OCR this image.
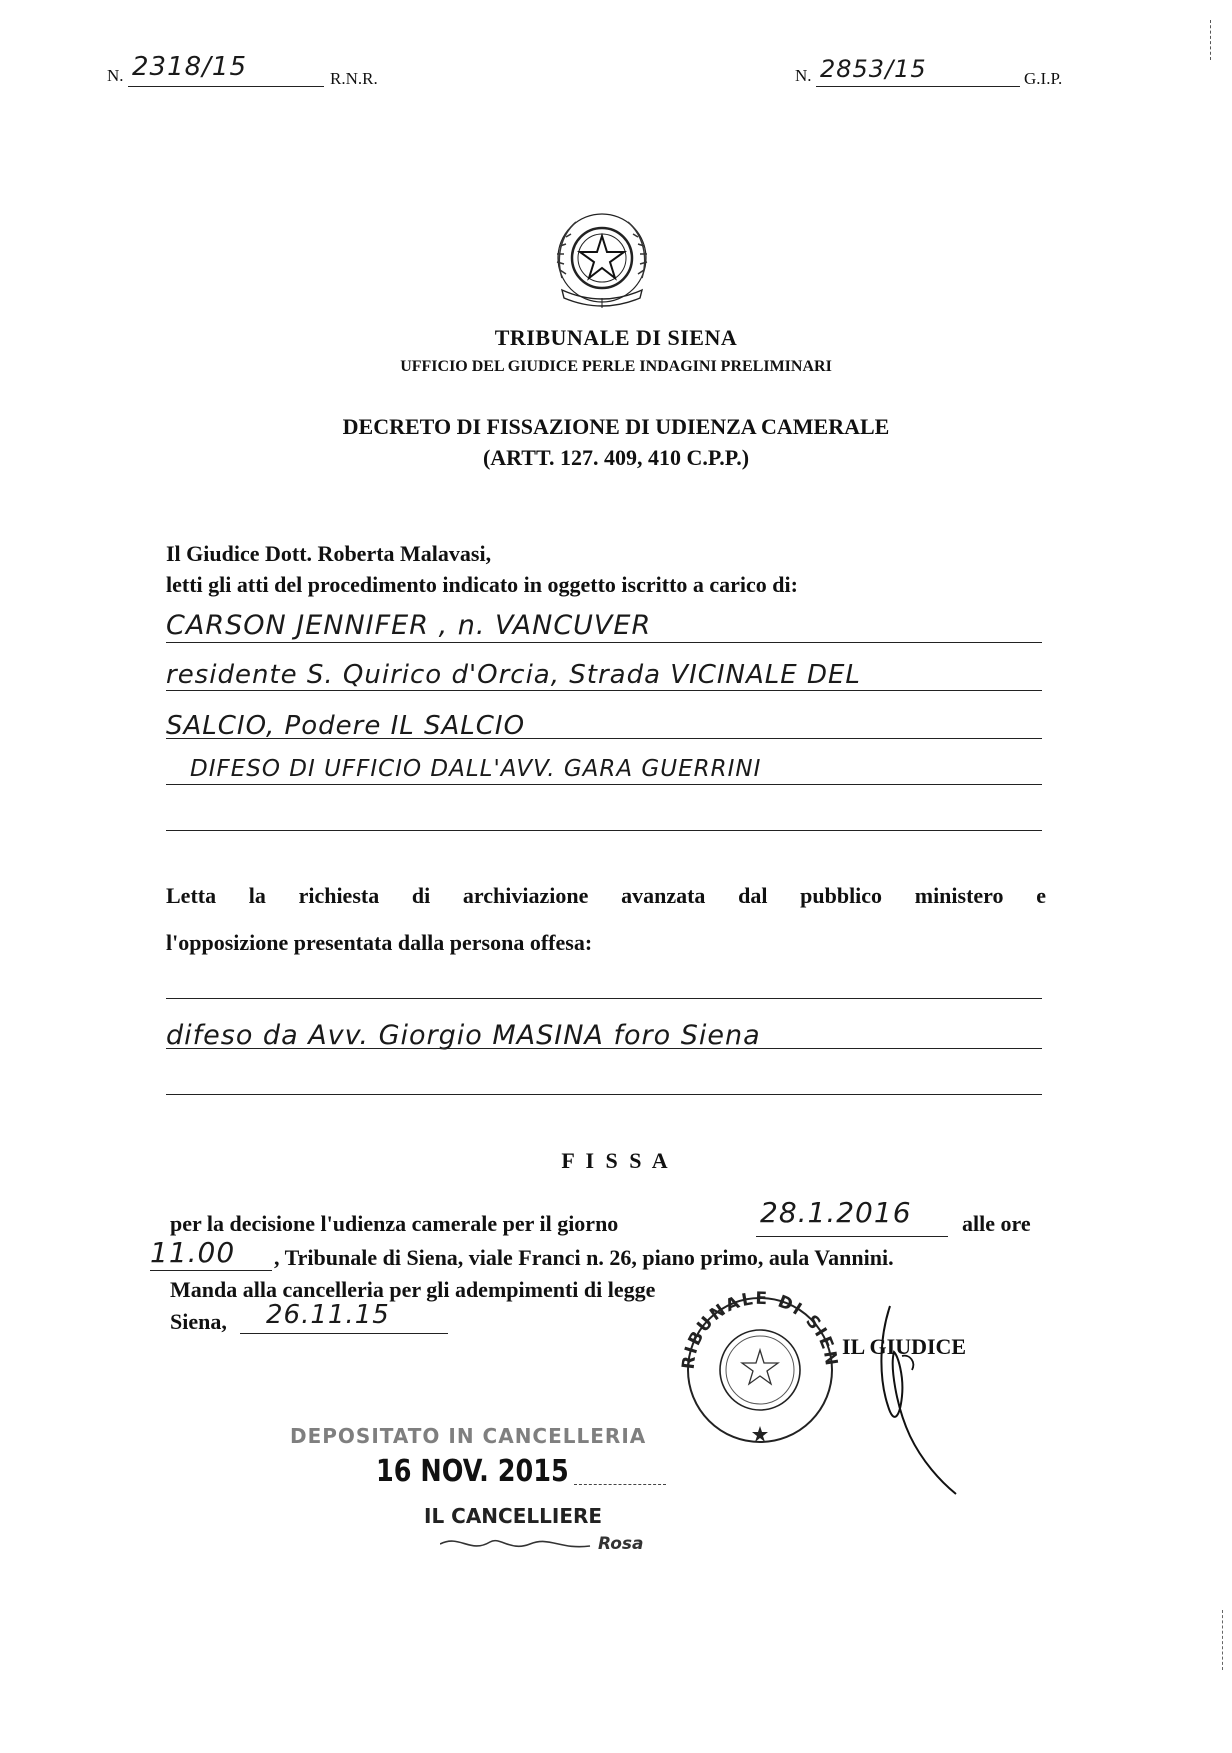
N. 2318/15	R.N.R.	N. 2853/15	G.I.P.
TRIBUNALE DI SIENA
UFFICIO DEL GIUDICE PERLE INDAGINI PRELIMINARI
DECRETO DI FISSAZIONE DI UDIENZA CAMERALE
(ARTT. 127. 409, 410 C.P.P.)
Il Giudice Dott. Roberta Malavasi,
letti gli atti del procedimento indicato in oggetto iscritto a carico di:
CARSON JENNIFER , n. VANCUVER
residente S. Quirico d'Orcia, Strada VICINALE DEL
SALCIO, Podere IL SALCIO
DIFESO DI UFFICIO DALL'AVV. GARA GUERRINI
Letta la richiesta di archiviazione avanzata dal pubblico ministero e
l'opposizione presentata dalla persona offesa:
difeso da Avv. Giorgio MASINA foro Siena
F I S S A
per la decisione l'udienza camerale per il giorno	28.1.2016 alle ore
11.00 , Tribunale di Siena, viale Franci n. 26, piano primo, aula Vannini.
Manda alla cancelleria per gli adempimenti di legge
Siena, 26.11.15
IL GIUDICE
RIBUNALE DI SIEN
DEPOSITATO IN CANCELLERIA
16 NOV. 2015
IL CANCELLIERE
Rosa
